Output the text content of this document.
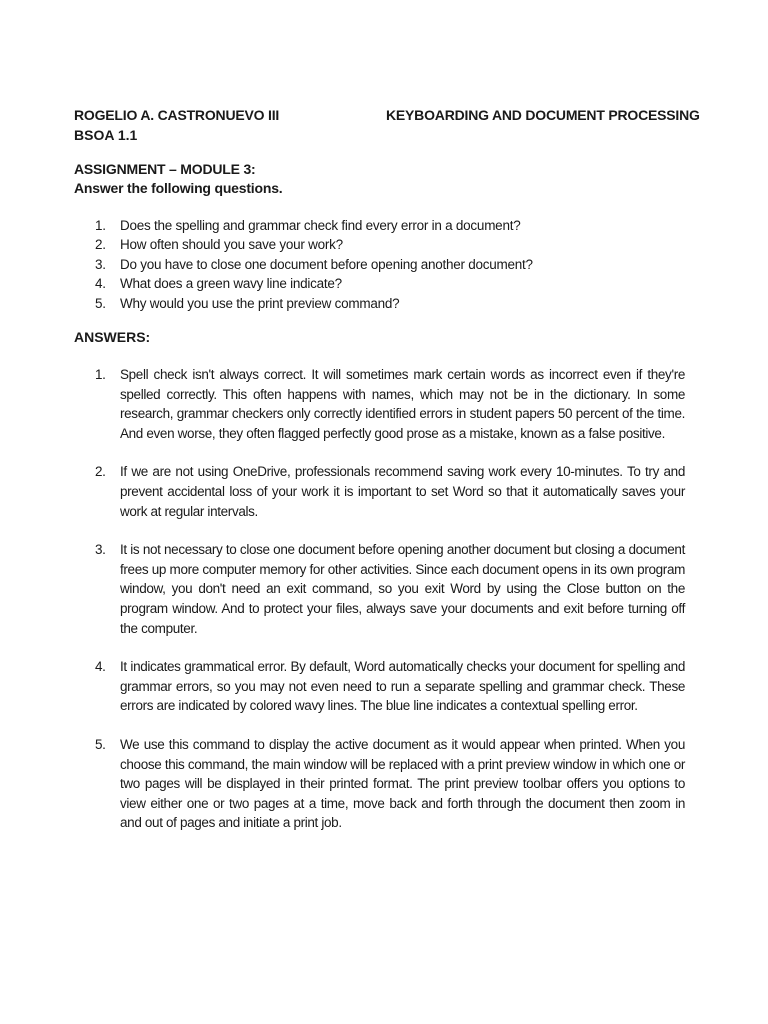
ROGELIO A. CASTRONUEVO III	KEYBOARDING AND DOCUMENT PROCESSING
BSOA 1.1
ASSIGNMENT – MODULE 3:
Answer the following questions.
1. Does the spelling and grammar check find every error in a document?
2. How often should you save your work?
3. Do you have to close one document before opening another document?
4. What does a green wavy line indicate?
5. Why would you use the print preview command?
ANSWERS:
1. Spell check isn't always correct. It will sometimes mark certain words as incorrect even if they're spelled correctly. This often happens with names, which may not be in the dictionary. In some research, grammar checkers only correctly identified errors in student papers 50 percent of the time. And even worse, they often flagged perfectly good prose as a mistake, known as a false positive.
2. If we are not using OneDrive, professionals recommend saving work every 10-minutes. To try and prevent accidental loss of your work it is important to set Word so that it automatically saves your work at regular intervals.
3. It is not necessary to close one document before opening another document but closing a document frees up more computer memory for other activities. Since each document opens in its own program window, you don't need an exit command, so you exit Word by using the Close button on the program window. And to protect your files, always save your documents and exit before turning off the computer.
4. It indicates grammatical error. By default, Word automatically checks your document for spelling and grammar errors, so you may not even need to run a separate spelling and grammar check. These errors are indicated by colored wavy lines. The blue line indicates a contextual spelling error.
5. We use this command to display the active document as it would appear when printed. When you choose this command, the main window will be replaced with a print preview window in which one or two pages will be displayed in their printed format. The print preview toolbar offers you options to view either one or two pages at a time, move back and forth through the document then zoom in and out of pages and initiate a print job.
